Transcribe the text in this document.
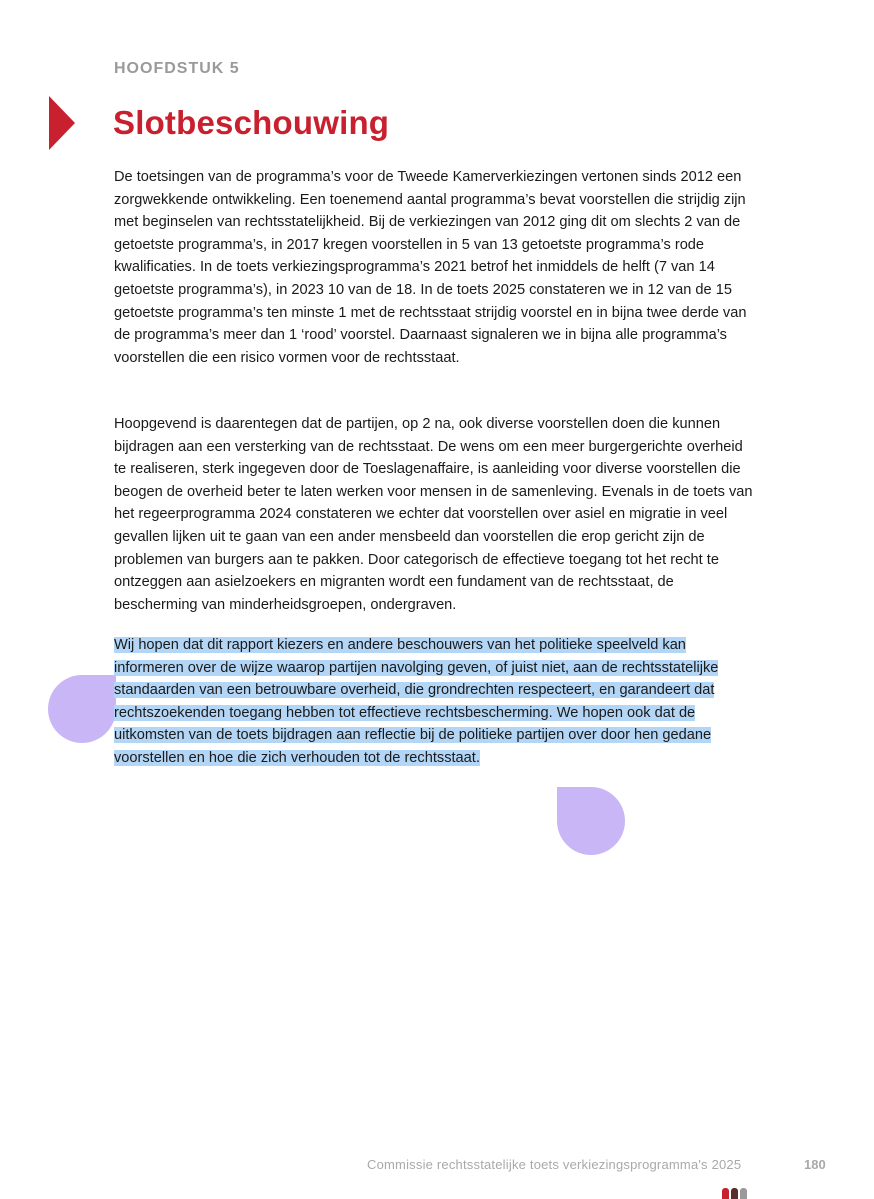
HOOFDSTUK 5
Slotbeschouwing

De toetsingen van de programma’s voor de Tweede Kamerverkiezingen vertonen sinds 2012 een zorgwekkende ontwikkeling. Een toenemend aantal programma’s bevat voorstellen die strijdig zijn met beginselen van rechtsstatelijkheid. Bij de verkiezingen van 2012 ging dit om slechts 2 van de getoetste programma’s, in 2017 kregen voorstellen in 5 van 13 getoetste programma’s rode kwalificaties. In de toets verkiezingsprogramma’s 2021 betrof het inmiddels de helft (7 van 14 getoetste programma’s), in 2023 10 van de 18. In de toets 2025 constateren we in 12 van de 15 getoetste programma’s ten minste 1 met de rechtsstaat strijdig voorstel en in bijna twee derde van de programma’s meer dan 1 ‘rood’ voorstel. Daarnaast signaleren we in bijna alle programma’s voorstellen die een risico vormen voor de rechtsstaat.

Hoopgevend is daarentegen dat de partijen, op 2 na, ook diverse voorstellen doen die kunnen bijdragen aan een versterking van de rechtsstaat. De wens om een meer burgergerichte overheid te realiseren, sterk ingegeven door de Toeslagenaffaire, is aanleiding voor diverse voorstellen die beogen de overheid beter te laten werken voor mensen in de samenleving. Evenals in de toets van het regeerprogramma 2024 constateren we echter dat voorstellen over asiel en migratie in veel gevallen lijken uit te gaan van een ander mensbeeld dan voorstellen die erop gericht zijn de problemen van burgers aan te pakken. Door categorisch de effectieve toegang tot het recht te ontzeggen aan asielzoekers en migranten wordt een fundament van de rechtsstaat, de bescherming van minderheidsgroepen, ondergraven.

Wij hopen dat dit rapport kiezers en andere beschouwers van het politieke speelveld kan informeren over de wijze waarop partijen navolging geven, of juist niet, aan de rechtsstatelijke standaarden van een betrouwbare overheid, die grondrechten respecteert, en garandeert dat rechtszoekenden toegang hebben tot effectieve rechtsbescherming. We hopen ook dat de uitkomsten van de toets bijdragen aan reflectie bij de politieke partijen over door hen gedane voorstellen en hoe die zich verhouden tot de rechtsstaat.

Commissie rechtsstatelijke toets verkiezingsprogramma's 2025	180
